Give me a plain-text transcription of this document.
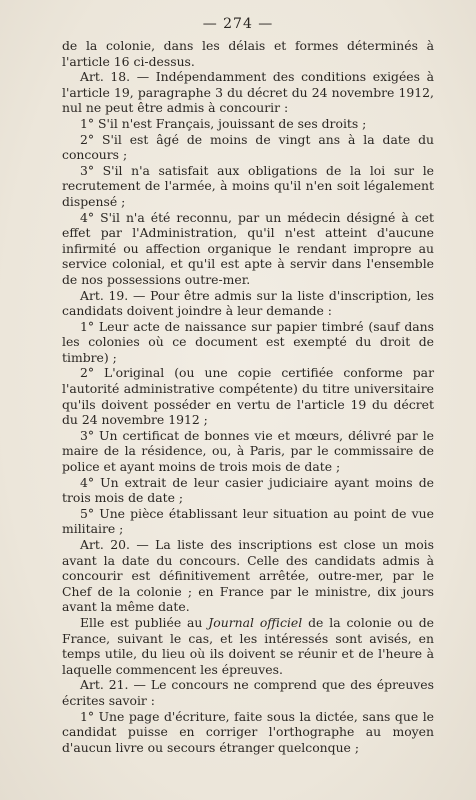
— 274 —

de la colonie, dans les délais et formes déterminés à l'article 16 ci-dessus.

Art. 18. — Indépendamment des conditions exigées à l'article 19, paragraphe 3 du décret du 24 novembre 1912, nul ne peut être admis à concourir :

1° S'il n'est Français, jouissant de ses droits ;

2° S'il est âgé de moins de vingt ans à la date du concours ;

3° S'il n'a satisfait aux obligations de la loi sur le recrutement de l'armée, à moins qu'il n'en soit légalement dispensé ;

4° S'il n'a été reconnu, par un médecin désigné à cet effet par l'Administration, qu'il n'est atteint d'aucune infirmité ou affection organique le rendant impropre au service colonial, et qu'il est apte à servir dans l'ensemble de nos possessions outre-mer.

Art. 19. — Pour être admis sur la liste d'inscription, les candidats doivent joindre à leur demande :

1° Leur acte de naissance sur papier timbré (sauf dans les colonies où ce document est exempté du droit de timbre) ;

2° L'original (ou une copie certifiée conforme par l'autorité administrative compétente) du titre universitaire qu'ils doivent posséder en vertu de l'article 19 du décret du 24 novembre 1912 ;

3° Un certificat de bonnes vie et mœurs, délivré par le maire de la résidence, ou, à Paris, par le commissaire de police et ayant moins de trois mois de date ;

4° Un extrait de leur casier judiciaire ayant moins de trois mois de date ;

5° Une pièce établissant leur situation au point de vue militaire ;

Art. 20. — La liste des inscriptions est close un mois avant la date du concours. Celle des candidats admis à concourir est définitivement arrêtée, outre-mer, par le Chef de la colonie ; en France par le ministre, dix jours avant la même date.

Elle est publiée au Journal officiel de la colonie ou de France, suivant le cas, et les intéressés sont avisés, en temps utile, du lieu où ils doivent se réunir et de l'heure à laquelle commencent les épreuves.

Art. 21. — Le concours ne comprend que des épreuves écrites savoir :

1° Une page d'écriture, faite sous la dictée, sans que le candidat puisse en corriger l'orthographe au moyen d'aucun livre ou secours étranger quelconque ;
